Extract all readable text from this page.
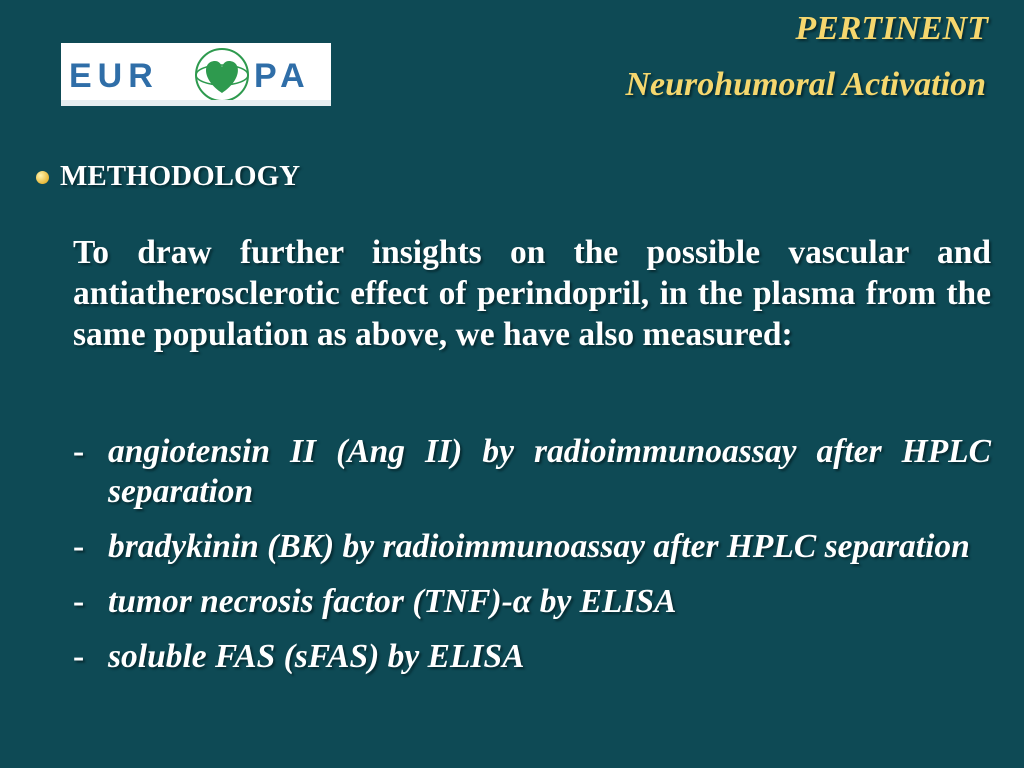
EUR	PA
PERTINENT
Neurohumoral Activation
METHODOLOGY
To draw further insights on the possible vascular and antiatherosclerotic effect of perindopril, in the plasma from the same population as above, we have also measured:
- angiotensin II (Ang II) by radioimmunoassay after HPLC separation
- bradykinin (BK) by radioimmunoassay after HPLC separation
- tumor necrosis factor (TNF)-α by ELISA
- soluble FAS (sFAS) by ELISA
